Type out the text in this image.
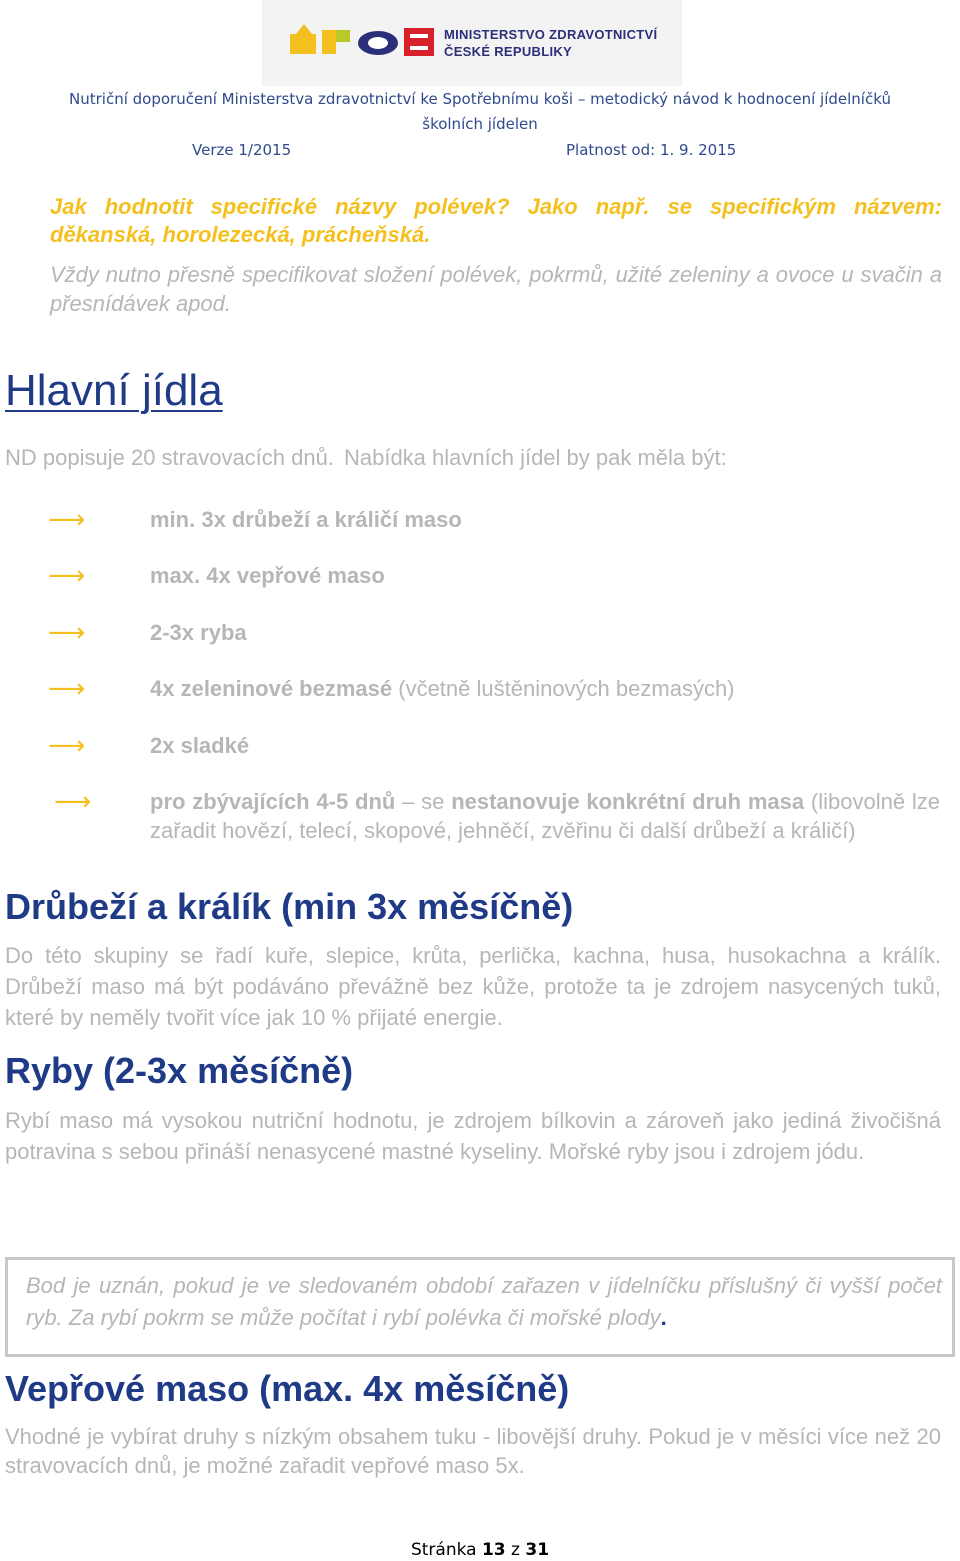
MINISTERSTVO ZDRAVOTNICTVÍ
ČESKÉ REPUBLIKY
Nutriční doporučení Ministerstva zdravotnictví ke Spotřebnímu koši – metodický návod k hodnocení jídelníčků
školních jídelen
Verze 1/2015	Platnost od: 1. 9. 2015

Jak hodnotit specifické názvy polévek? Jako např. se specifickým názvem: děkanská, horolezecká, prácheňská.

Vždy nutno přesně specifikovat složení polévek, pokrmů, užité zeleniny a ovoce u svačin a přesnídávek apod.

Hlavní jídla

ND popisuje 20 stravovacích dnů. Nabídka hlavních jídel by pak měla být:

⟶	min. 3x drůbeží a králičí maso
⟶	max. 4x vepřové maso
⟶	2-3x ryba
⟶	4x zeleninové bezmasé (včetně luštěninových bezmasých)
⟶	2x sladké
⟶	pro zbývajících 4-5 dnů – se nestanovuje konkrétní druh masa (libovolně lze zařadit hovězí, telecí, skopové, jehněčí, zvěřinu či další drůbeží a králičí)
Drůbeží a králík (min 3x měsíčně)

Do této skupiny se řadí kuře, slepice, krůta, perlička, kachna, husa, husokachna a králík. Drůbeží maso má být podáváno převážně bez kůže, protože ta je zdrojem nasycených tuků, které by neměly tvořit více jak 10 % přijaté energie.

Ryby (2-3x měsíčně)

Rybí maso má vysokou nutriční hodnotu, je zdrojem bílkovin a zároveň jako jediná živočišná potravina s sebou přináší nenasycené mastné kyseliny. Mořské ryby jsou i zdrojem jódu.

Bod je uznán, pokud je ve sledovaném období zařazen v jídelníčku příslušný či vyšší počet ryb. Za rybí pokrm se může počítat i rybí polévka či mořské plody.

Vepřové maso (max. 4x měsíčně)

Vhodné je vybírat druhy s nízkým obsahem tuku - libovější druhy. Pokud je v měsíci více než 20 stravovacích dnů, je možné zařadit vepřové maso 5x.

Stránka 13 z 31
